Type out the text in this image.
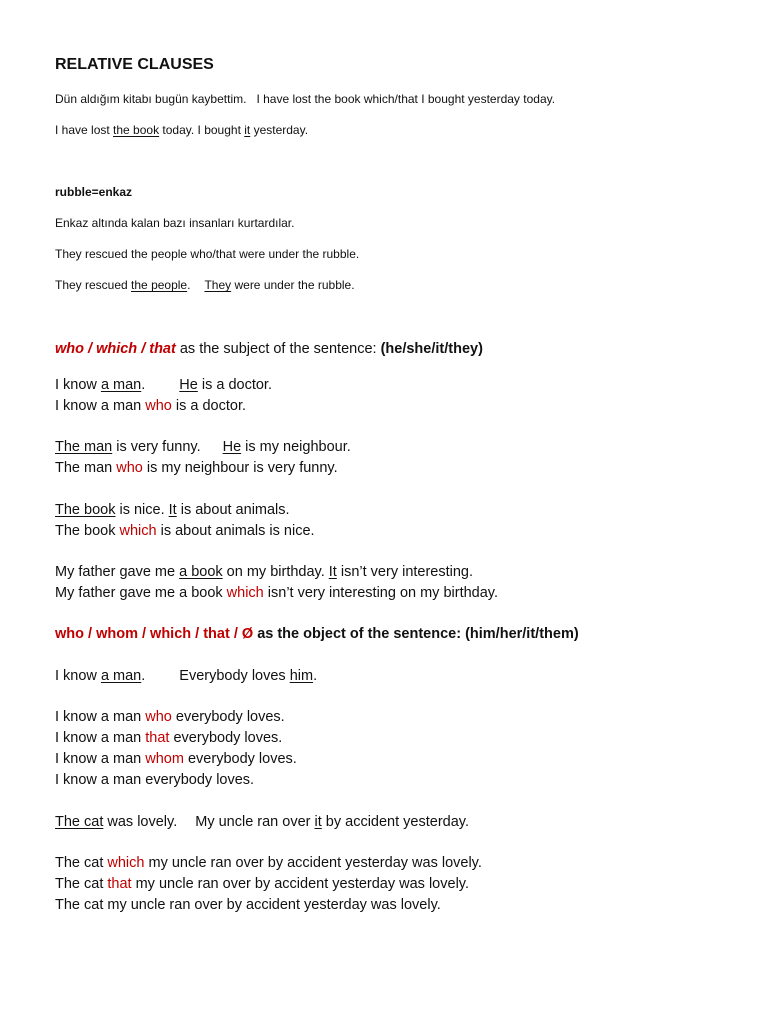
RELATIVE CLAUSES
Dün aldığım kitabı bugün kaybettim. I have lost the book which/that I bought yesterday today.
I have lost the book today. I bought it yesterday.
rubble=enkaz
Enkaz altında kalan bazı insanları kurtardılar.
They rescued the people who/that were under the rubble.
They rescued the people. They were under the rubble.
who / which / that as the subject of the sentence: (he/she/it/they)
I know a man. He is a doctor.
I know a man who is a doctor.
The man is very funny. He is my neighbour.
The man who is my neighbour is very funny.
The book is nice. It is about animals.
The book which is about animals is nice.
My father gave me a book on my birthday. It isn’t very interesting.
My father gave me a book which isn’t very interesting on my birthday.
who / whom / which / that / Ø as the object of the sentence: (him/her/it/them)
I know a man. Everybody loves him.
I know a man who everybody loves.
I know a man that everybody loves.
I know a man whom everybody loves.
I know a man everybody loves.
The cat was lovely. My uncle ran over it by accident yesterday.
The cat which my uncle ran over by accident yesterday was lovely.
The cat that my uncle ran over by accident yesterday was lovely.
The cat my uncle ran over by accident yesterday was lovely.
